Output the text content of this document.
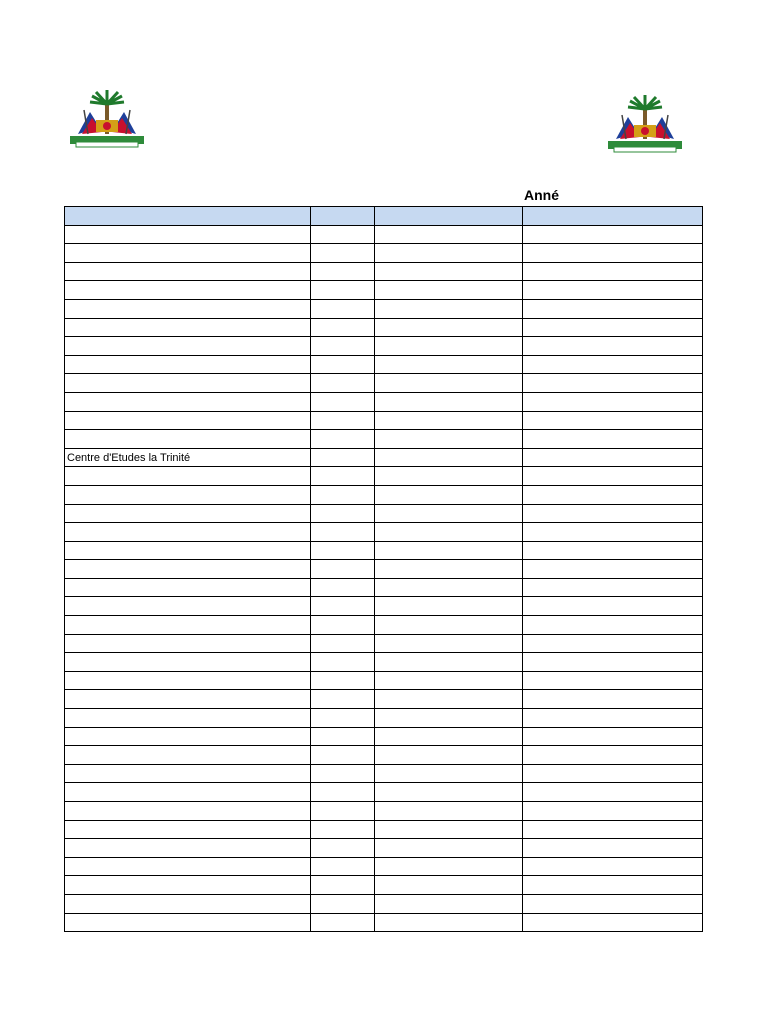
Anné

Centre d'Etudes la Trinité			
